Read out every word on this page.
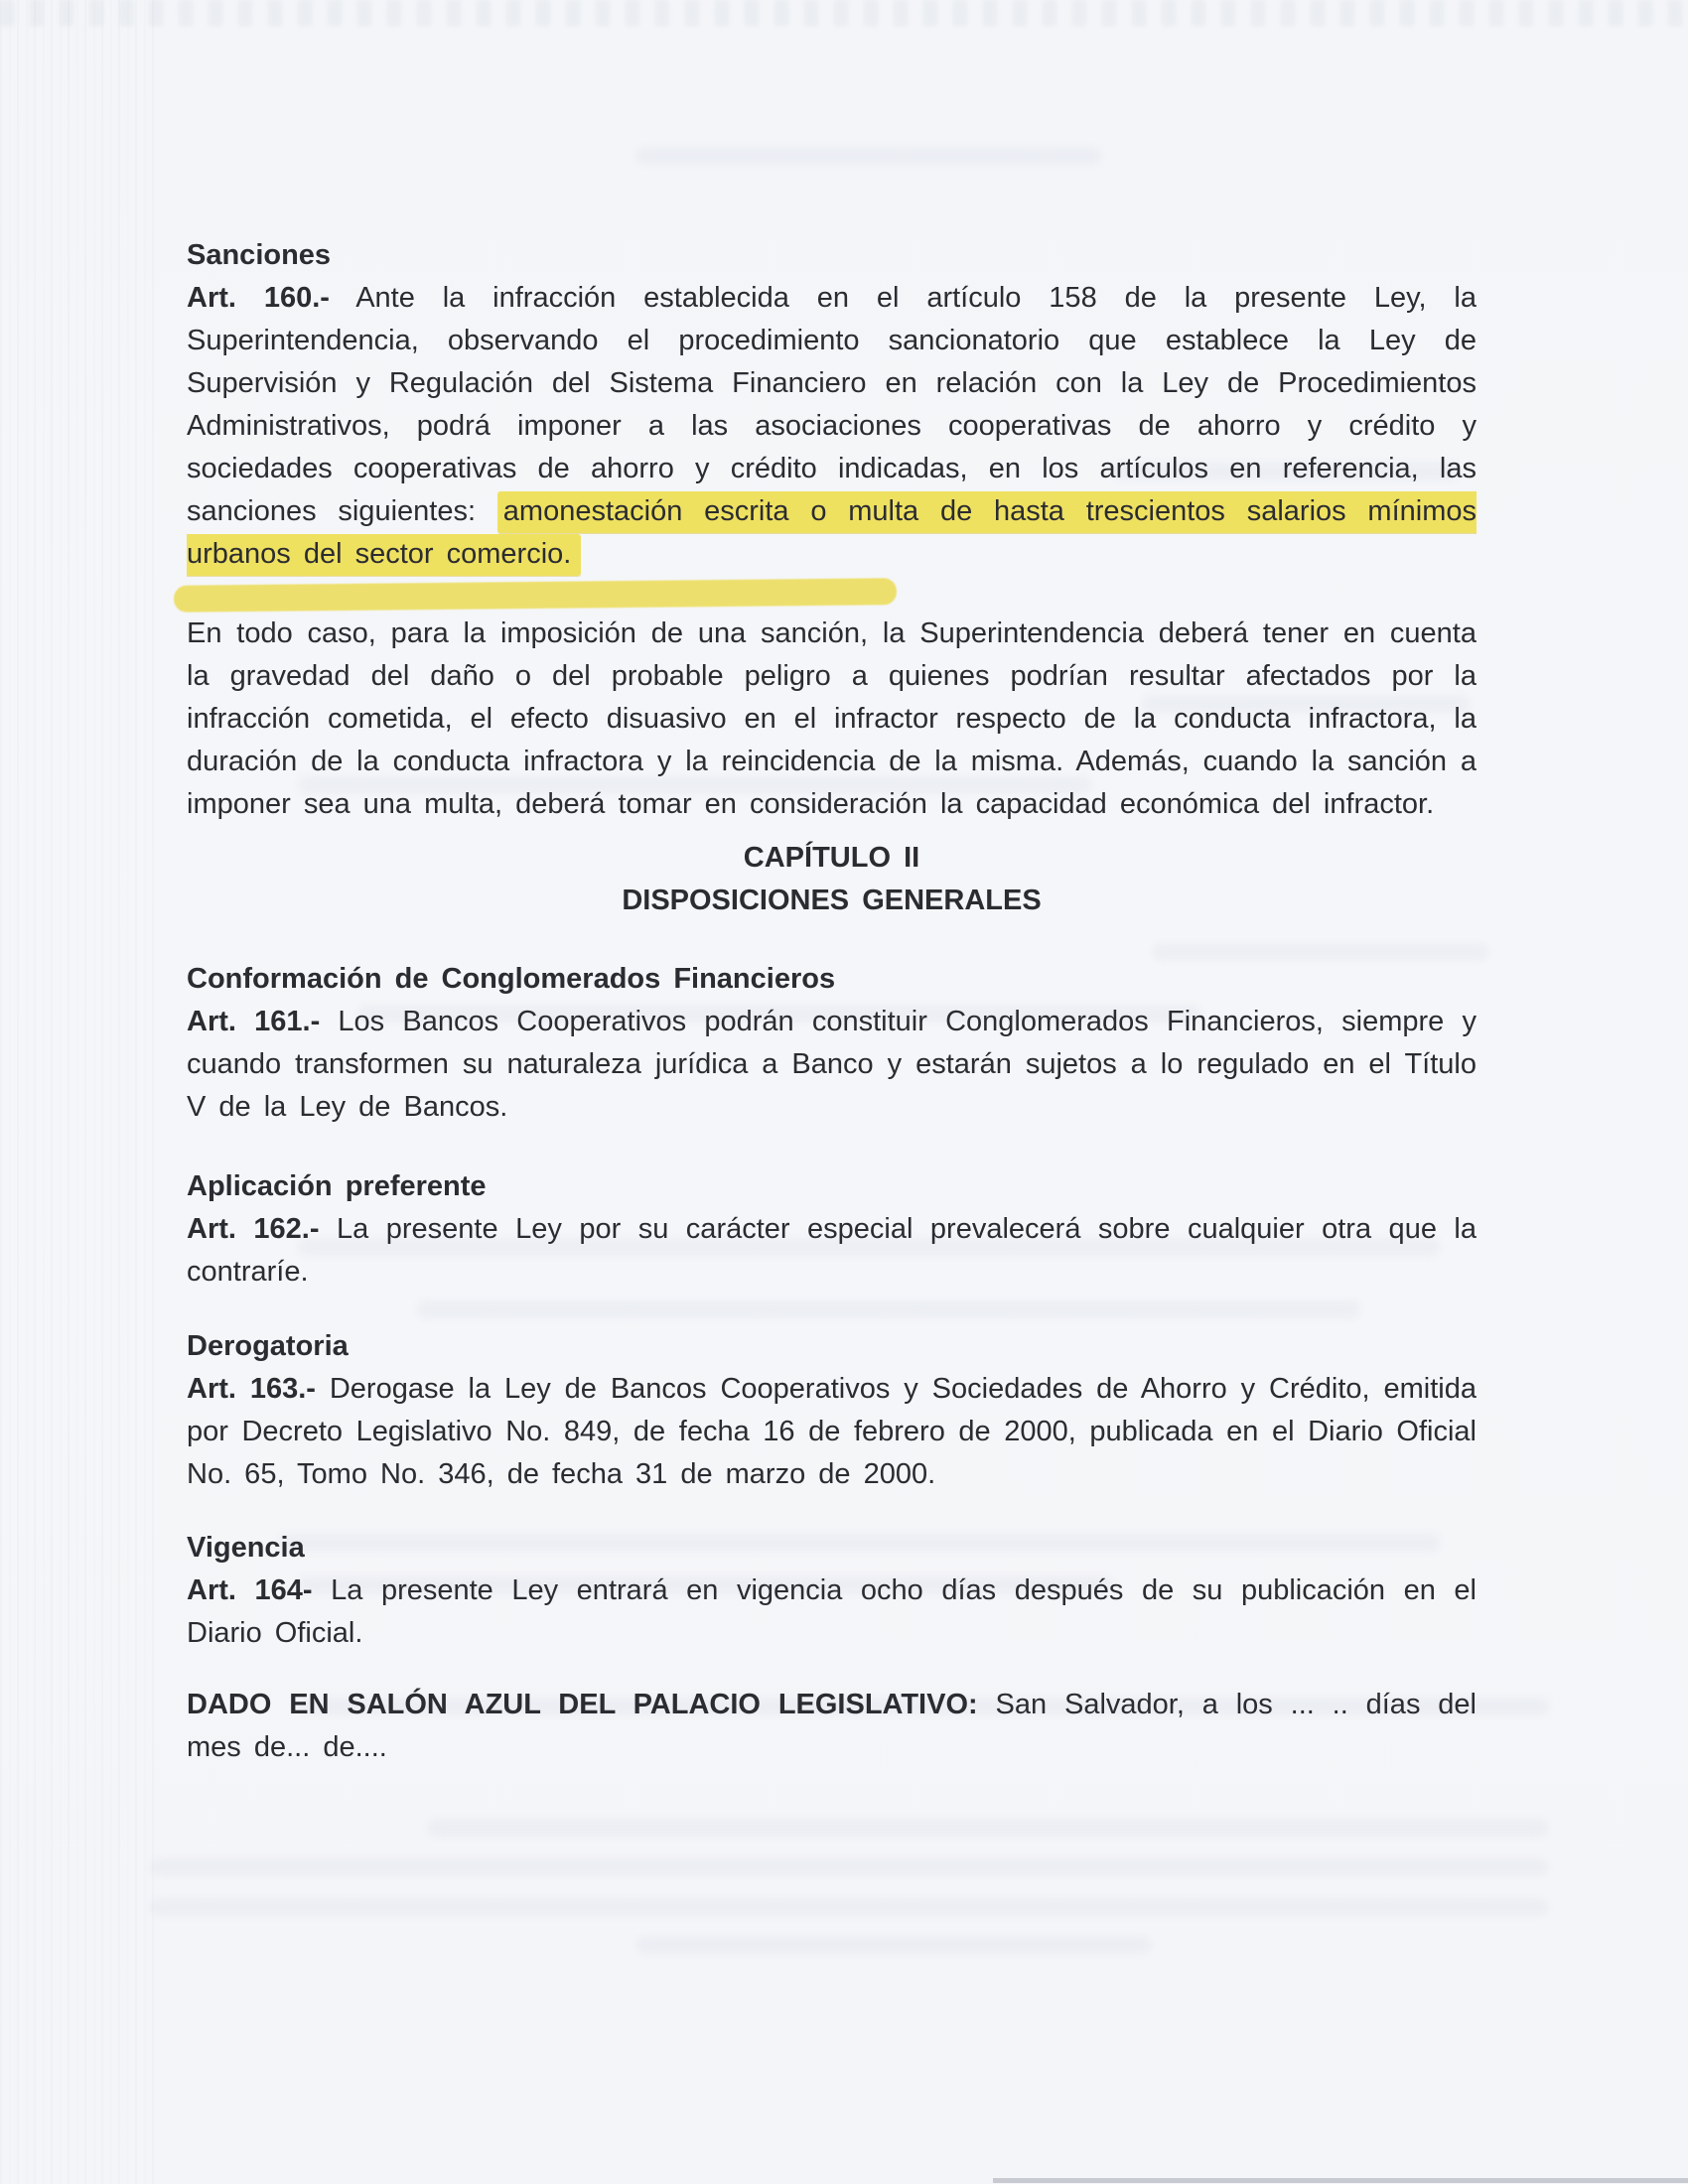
Sanciones

Art. 160.- Ante la infracción establecida en el artículo 158 de la presente Ley, la Superintendencia, observando el procedimiento sancionatorio que establece la Ley de Supervisión y Regulación del Sistema Financiero en relación con la Ley de Procedimientos Administrativos, podrá imponer a las asociaciones cooperativas de ahorro y crédito y sociedades cooperativas de ahorro y crédito indicadas, en los artículos en referencia, las sanciones siguientes: amonestación escrita o multa de hasta trescientos salarios mínimos urbanos del sector comercio.

En todo caso, para la imposición de una sanción, la Superintendencia deberá tener en cuenta la gravedad del daño o del probable peligro a quienes podrían resultar afectados por la infracción cometida, el efecto disuasivo en el infractor respecto de la conducta infractora, la duración de la conducta infractora y la reincidencia de la misma. Además, cuando la sanción a imponer sea una multa, deberá tomar en consideración la capacidad económica del infractor.

CAPÍTULO II
DISPOSICIONES GENERALES
Conformación de Conglomerados Financieros

Art. 161.- Los Bancos Cooperativos podrán constituir Conglomerados Financieros, siempre y cuando transformen su naturaleza jurídica a Banco y estarán sujetos a lo regulado en el Título V de la Ley de Bancos.

Aplicación preferente

Art. 162.- La presente Ley por su carácter especial prevalecerá sobre cualquier otra que la contraríe.

Derogatoria

Art. 163.- Derogase la Ley de Bancos Cooperativos y Sociedades de Ahorro y Crédito, emitida por Decreto Legislativo No. 849, de fecha 16 de febrero de 2000, publicada en el Diario Oficial No. 65, Tomo No. 346, de fecha 31 de marzo de 2000.

Vigencia

Art. 164- La presente Ley entrará en vigencia ocho días después de su publicación en el Diario Oficial.

DADO EN SALÓN AZUL DEL PALACIO LEGISLATIVO: San Salvador, a los ... .. días del mes de... de....
